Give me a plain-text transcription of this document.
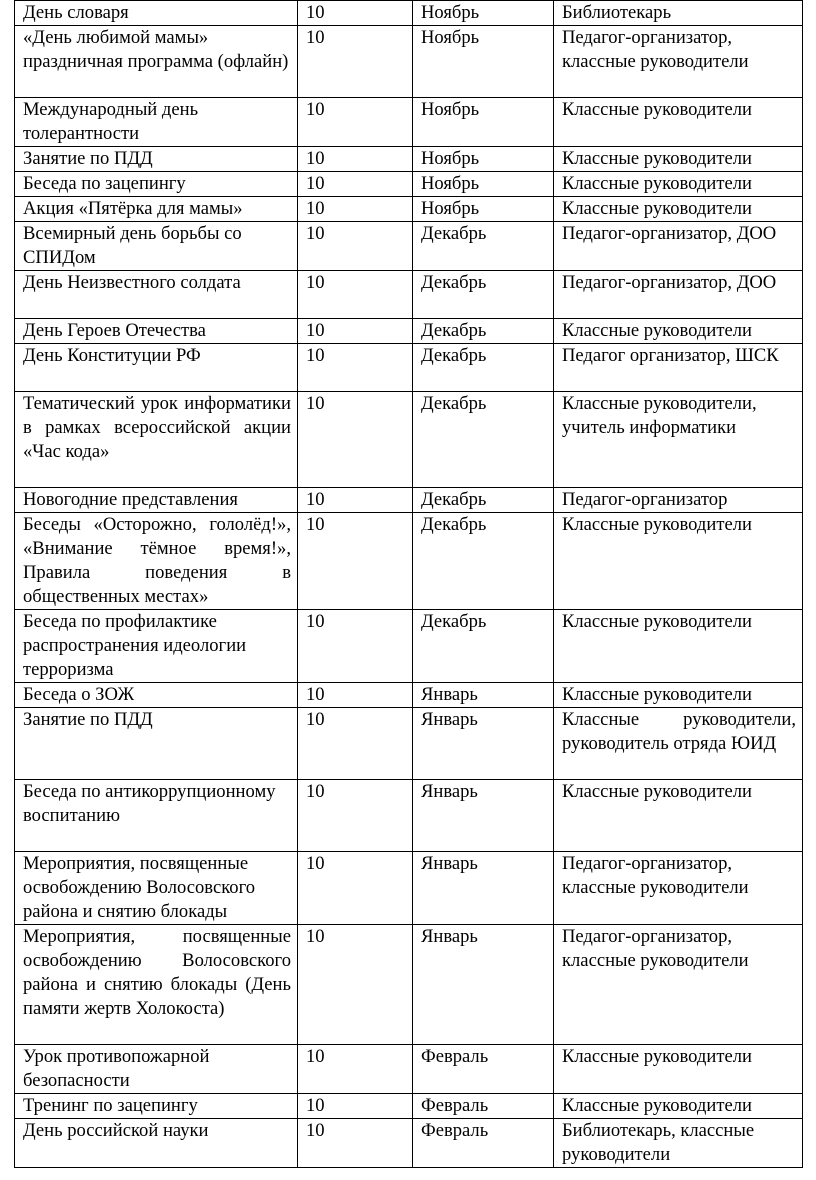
День словаря	10	Ноябрь	Библиотекарь
«День любимой мамы» праздничная программа (офлайн)	10	Ноябрь	Педагог-организатор, классные руководители
Международный день толерантности	10	Ноябрь	Классные руководители
Занятие по ПДД	10	Ноябрь	Классные руководители
Беседа по зацепингу	10	Ноябрь	Классные руководители
Акция «Пятёрка для мамы»	10	Ноябрь	Классные руководители
Всемирный день борьбы со СПИДом	10	Декабрь	Педагог-организатор, ДОО
День Неизвестного солдата	10	Декабрь	Педагог-организатор, ДОО
День Героев Отечества	10	Декабрь	Классные руководители
День Конституции РФ	10	Декабрь	Педагог организатор, ШСК
Тематический урок информатики в рамках всероссийской акции «Час кода»	10	Декабрь	Классные руководители, учитель информатики
Новогодние представления	10	Декабрь	Педагог-организатор
Беседы «Осторожно, гололёд!», «Внимание тёмное время!», Правила поведения в общественных местах»	10	Декабрь	Классные руководители
Беседа по профилактике распространения идеологии терроризма	10	Декабрь	Классные руководители
Беседа о ЗОЖ	10	Январь	Классные руководители
Занятие по ПДД	10	Январь	Классные руководители, руководитель отряда ЮИД
Беседа по антикоррупционному воспитанию	10	Январь	Классные руководители
Мероприятия, посвященные освобождению Волосовского района и снятию блокады	10	Январь	Педагог-организатор, классные руководители
Мероприятия, посвященные освобождению Волосовского района и снятию блокады (День памяти жертв Холокоста)	10	Январь	Педагог-организатор, классные руководители
Урок противопожарной безопасности	10	Февраль	Классные руководители
Тренинг по зацепингу	10	Февраль	Классные руководители
День российской науки	10	Февраль	Библиотекарь, классные руководители
